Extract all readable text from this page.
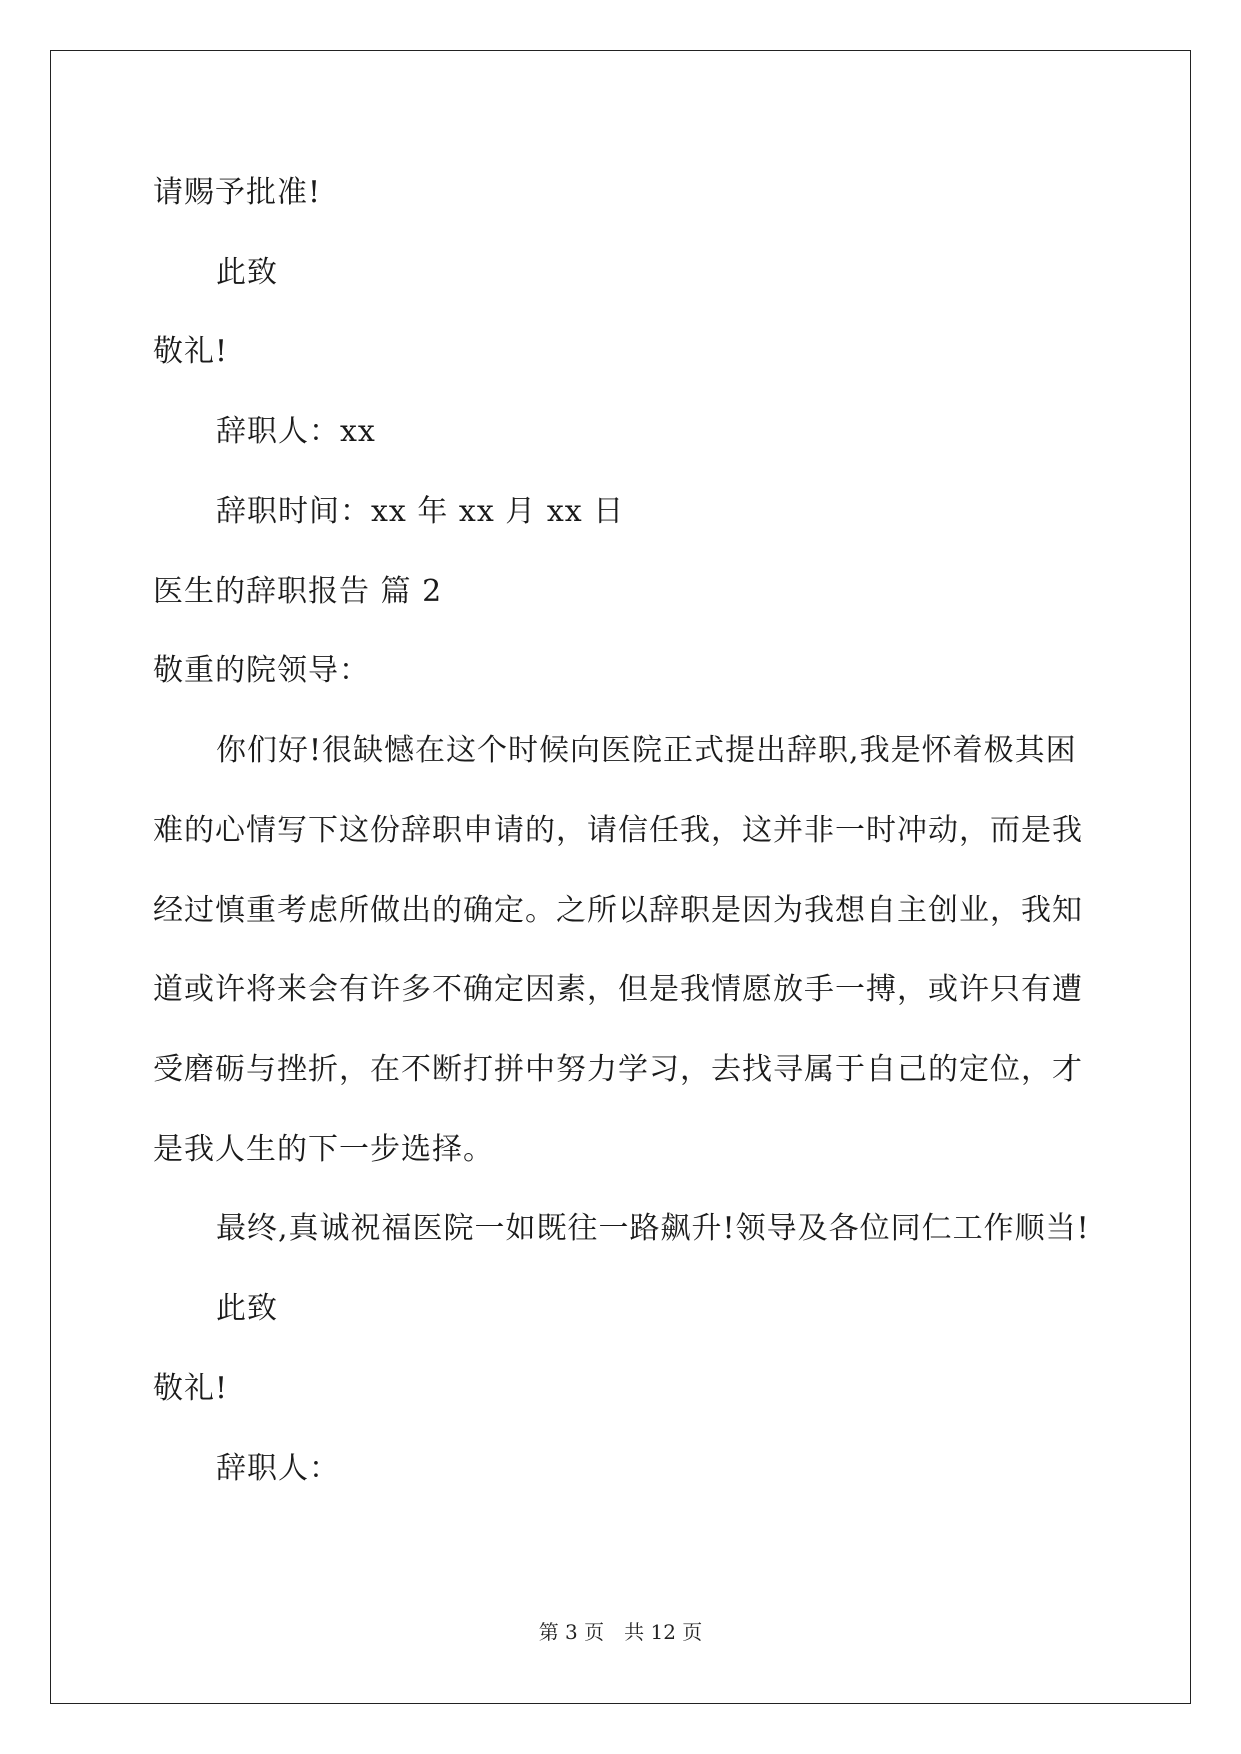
请赐予批准!
此致
敬礼!
辞职人：xx
辞职时间：xx 年 xx 月 xx 日
医生的辞职报告 篇 2
敬重的院领导：
你们好!很缺憾在这个时候向医院正式提出辞职,我是怀着极其困
难的心情写下这份辞职申请的，请信任我，这并非一时冲动，而是我
经过慎重考虑所做出的确定。之所以辞职是因为我想自主创业，我知
道或许将来会有许多不确定因素，但是我情愿放手一搏，或许只有遭
受磨砺与挫折，在不断打拼中努力学习，去找寻属于自己的定位，才
是我人生的下一步选择。
最终,真诚祝福医院一如既往一路飙升!领导及各位同仁工作顺当!
此致
敬礼!
辞职人：
第 3 页　共 12 页
